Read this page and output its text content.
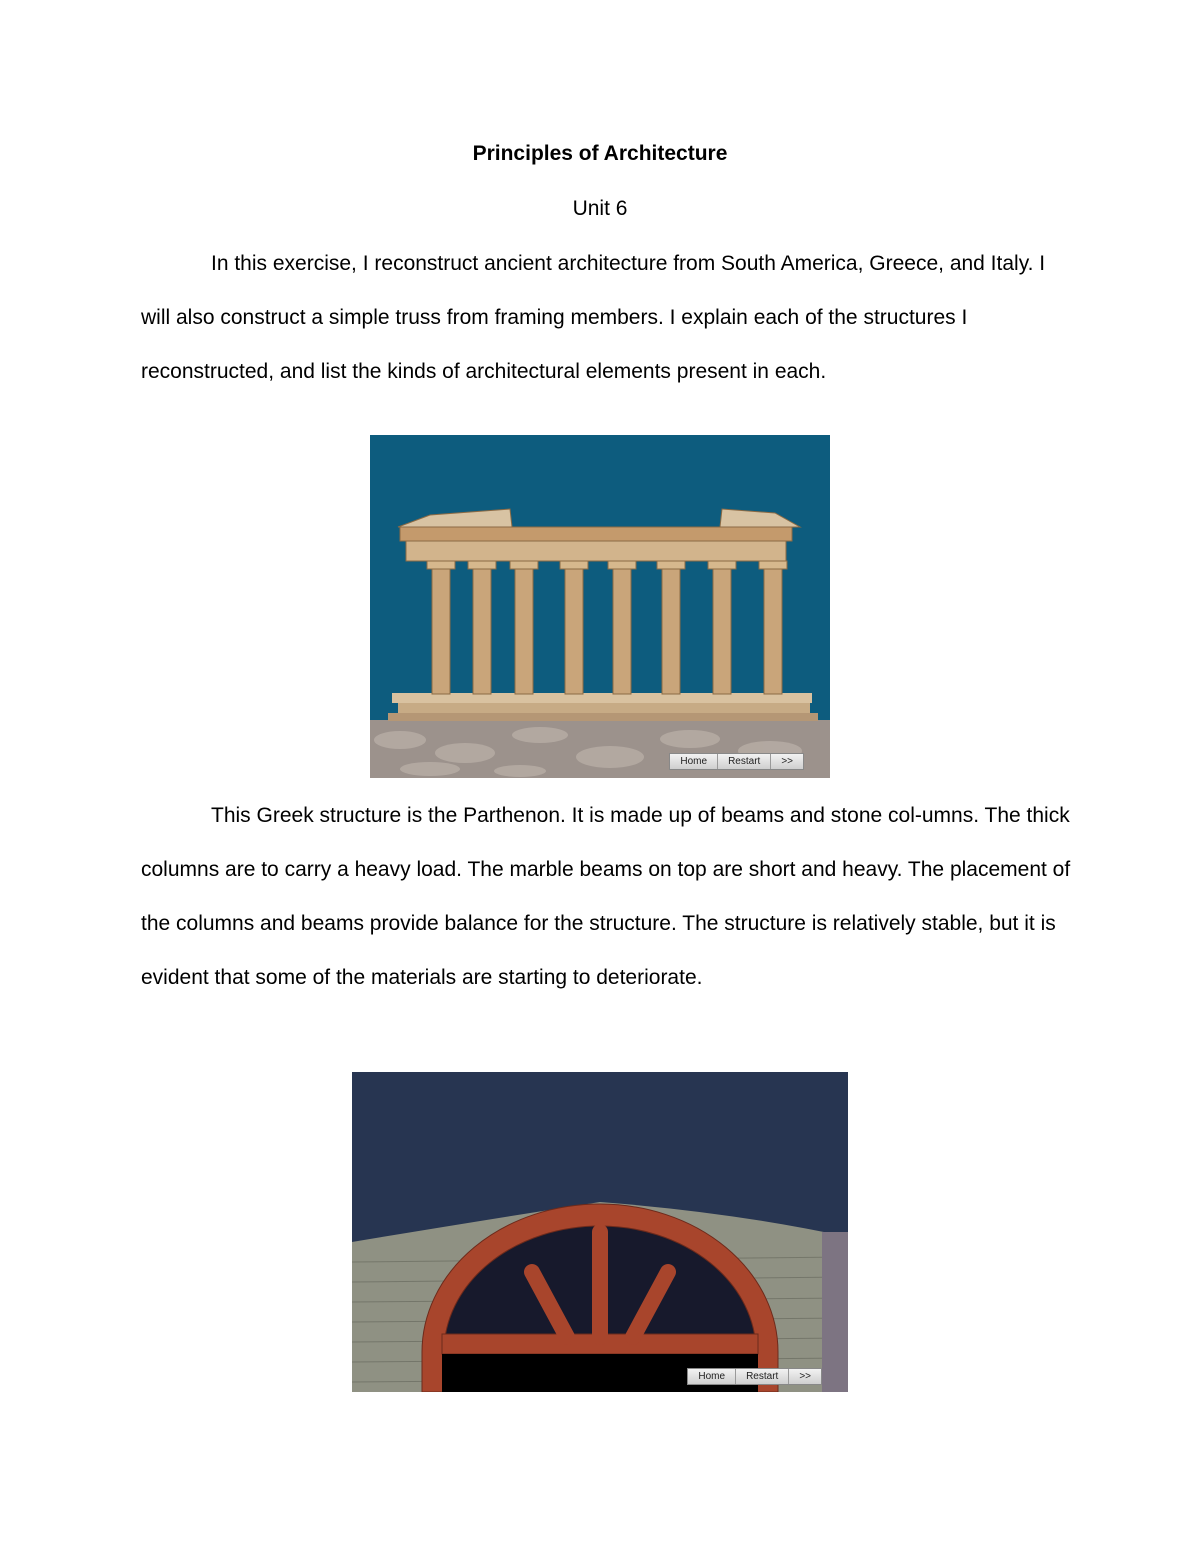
Principles of Architecture
Unit 6

In this exercise, I reconstruct ancient architecture from South America, Greece, and Italy. I will also construct a simple truss from framing members. I explain each of the structures I reconstructed, and list the kinds of architectural elements present in each.

Home	Restart	>>

This Greek structure is the Parthenon. It is made up of beams and stone col-umns. The thick columns are to carry a heavy load. The marble beams on top are short and heavy. The placement of the columns and beams provide balance for the structure. The structure is relatively stable, but it is evident that some of the materials are starting to deteriorate.

Home	Restart	>>
